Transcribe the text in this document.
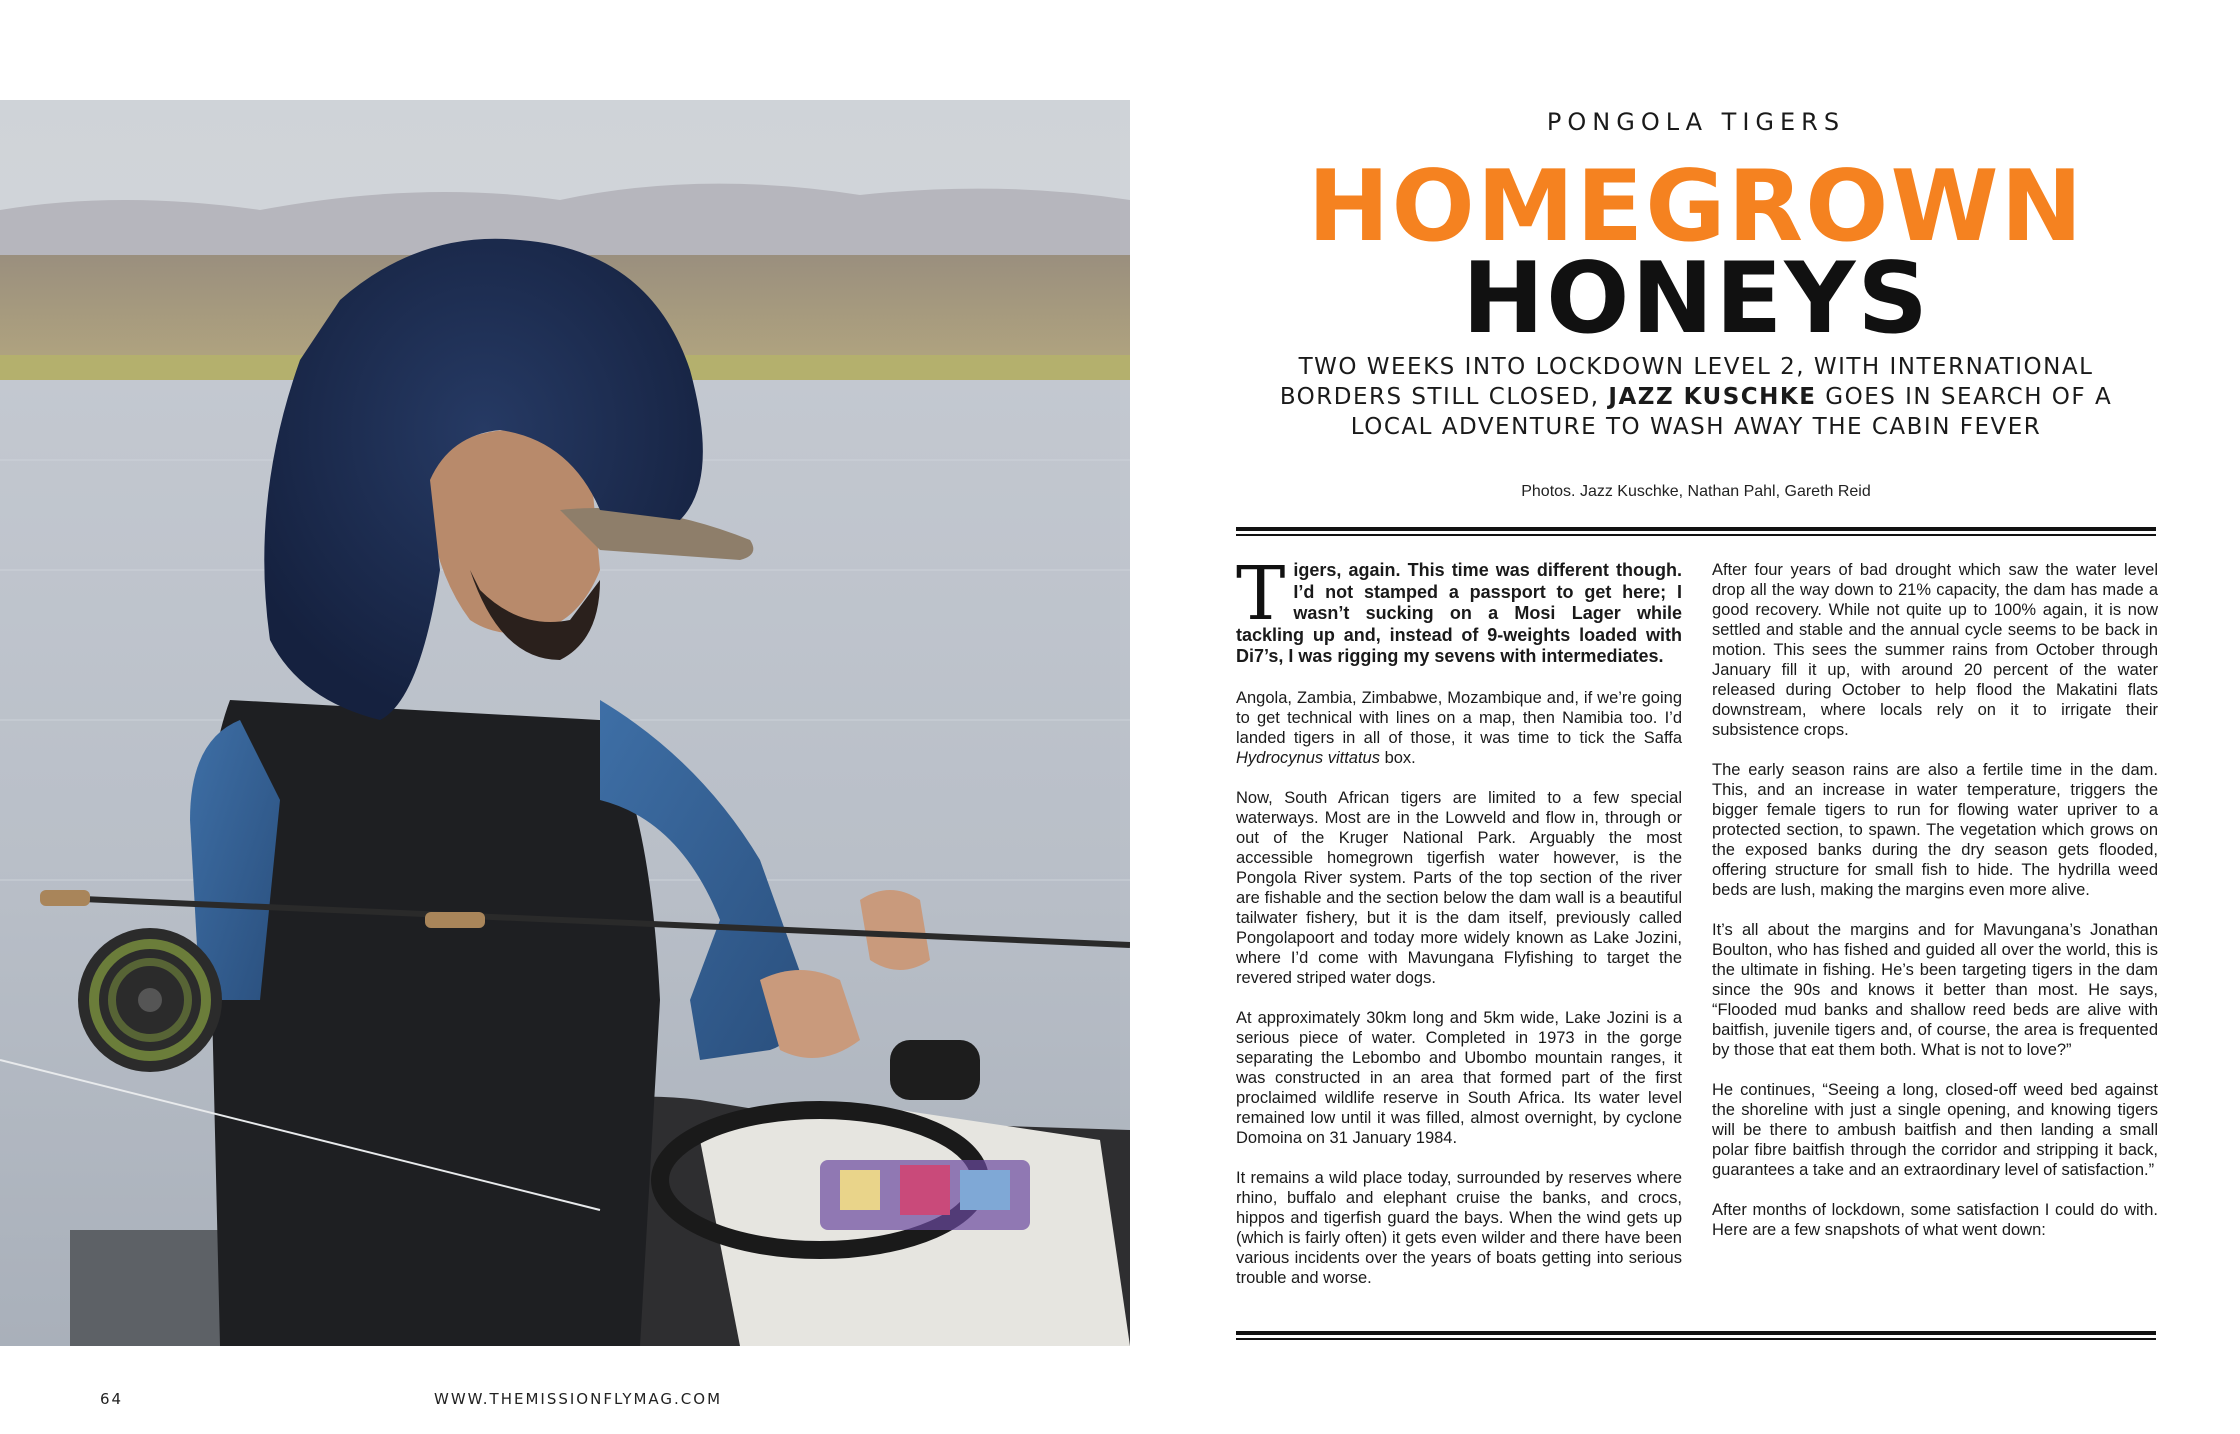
64	WWW.THEMISSIONFLYMAG.COM
PONGOLA TIGERS
HOMEGROWN
HONEYS
TWO WEEKS INTO LOCKDOWN LEVEL 2, WITH INTERNATIONAL BORDERS STILL CLOSED, JAZZ KUSCHKE GOES IN SEARCH OF A LOCAL ADVENTURE TO WASH AWAY THE CABIN FEVER
Photos. Jazz Kuschke, Nathan Pahl, Gareth Reid

Tigers, again. This time was different though. I’d not stamped a passport to get here; I wasn’t sucking on a Mosi Lager while tackling up and, instead of 9-weights loaded with Di7’s, I was rigging my sevens with intermediates.

Angola, Zambia, Zimbabwe, Mozambique and, if we’re going to get technical with lines on a map, then Namibia too. I’d landed tigers in all of those, it was time to tick the Saffa Hydrocynus vittatus box.

Now, South African tigers are limited to a few special waterways. Most are in the Lowveld and flow in, through or out of the Kruger National Park. Arguably the most accessible homegrown tigerfish water however, is the Pongola River system. Parts of the top section of the river are fishable and the section below the dam wall is a beautiful tailwater fishery, but it is the dam itself, previously called Pongolapoort and today more widely known as Lake Jozini, where I’d come with Mavungana Flyfishing to target the revered striped water dogs.

At approximately 30km long and 5km wide, Lake Jozini is a serious piece of water. Completed in 1973 in the gorge separating the Lebombo and Ubombo mountain ranges, it was constructed in an area that formed part of the first proclaimed wildlife reserve in South Africa. Its water level remained low until it was filled, almost overnight, by cyclone Domoina on 31 January 1984.

It remains a wild place today, surrounded by reserves where rhino, buffalo and elephant cruise the banks, and crocs, hippos and tigerfish guard the bays. When the wind gets up (which is fairly often) it gets even wilder and there have been various incidents over the years of boats getting into serious trouble and worse.

After four years of bad drought which saw the water level drop all the way down to 21% capacity, the dam has made a good recovery. While not quite up to 100% again, it is now settled and stable and the annual cycle seems to be back in motion. This sees the summer rains from October through January fill it up, with around 20 percent of the water released during October to help flood the Makatini flats downstream, where locals rely on it to irrigate their subsistence crops.

The early season rains are also a fertile time in the dam. This, and an increase in water temperature, triggers the bigger female tigers to run for flowing water upriver to a protected section, to spawn. The vegetation which grows on the exposed banks during the dry season gets flooded, offering structure for small fish to hide. The hydrilla weed beds are lush, making the margins even more alive.

It’s all about the margins and for Mavungana’s Jonathan Boulton, who has fished and guided all over the world, this is the ultimate in fishing. He’s been targeting tigers in the dam since the 90s and knows it better than most. He says, “Flooded mud banks and shallow reed beds are alive with baitfish, juvenile tigers and, of course, the area is frequented by those that eat them both. What is not to love?”

He continues, “Seeing a long, closed-off weed bed against the shoreline with just a single opening, and knowing tigers will be there to ambush baitfish and then landing a small polar fibre baitfish through the corridor and stripping it back, guarantees a take and an extraordinary level of satisfaction.”

After months of lockdown, some satisfaction I could do with. Here are a few snapshots of what went down:
